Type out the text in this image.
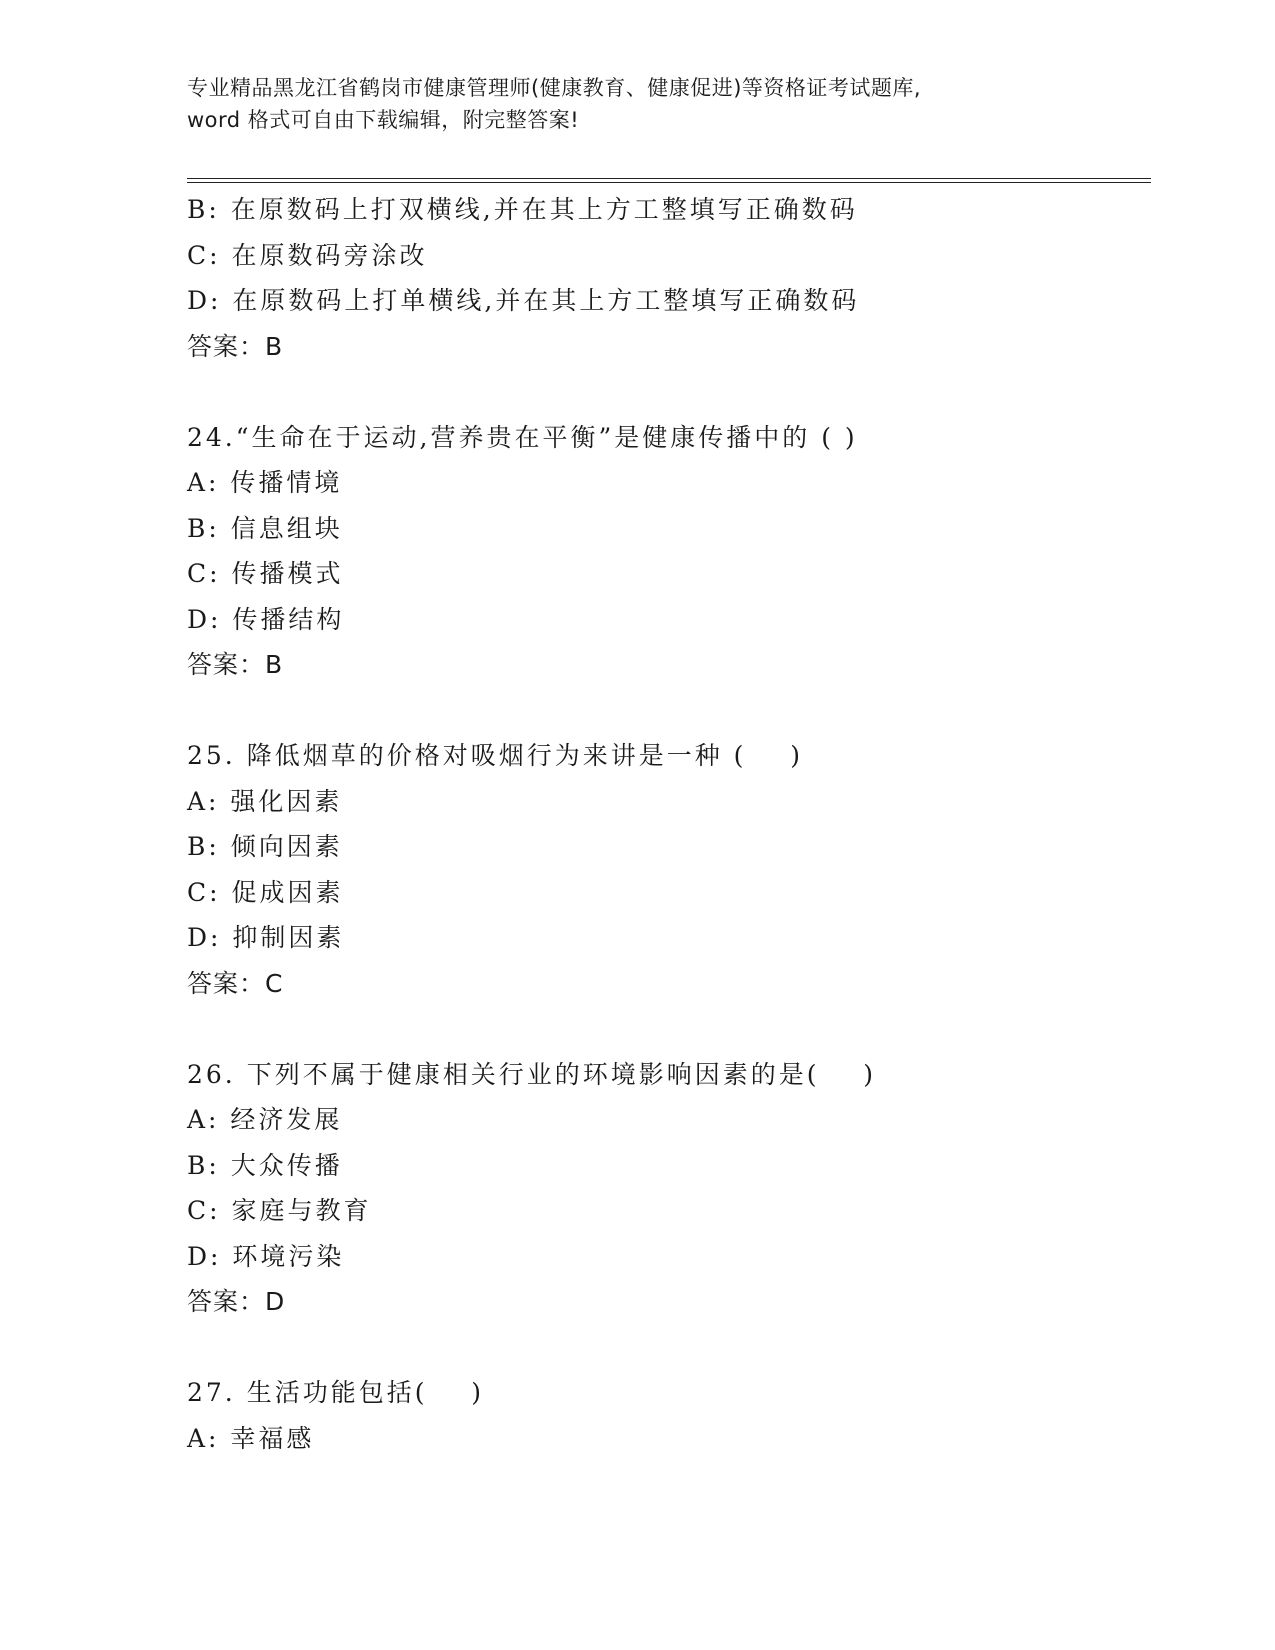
专业精品黑龙江省鹤岗市健康管理师(健康教育、健康促进)等资格证考试题库,
word 格式可自由下载编辑，附完整答案!
B: 在原数码上打双横线,并在其上方工整填写正确数码
C: 在原数码旁涂改
D: 在原数码上打单横线,并在其上方工整填写正确数码
答案：B
24.“生命在于运动,营养贵在平衡”是健康传播中的 ( )
A: 传播情境
B: 信息组块
C: 传播模式
D: 传播结构
答案：B
25. 降低烟草的价格对吸烟行为来讲是一种 (    )
A: 强化因素
B: 倾向因素
C: 促成因素
D: 抑制因素
答案：C
26. 下列不属于健康相关行业的环境影响因素的是(    )
A: 经济发展
B: 大众传播
C: 家庭与教育
D: 环境污染
答案：D
27. 生活功能包括(    )
A: 幸福感
